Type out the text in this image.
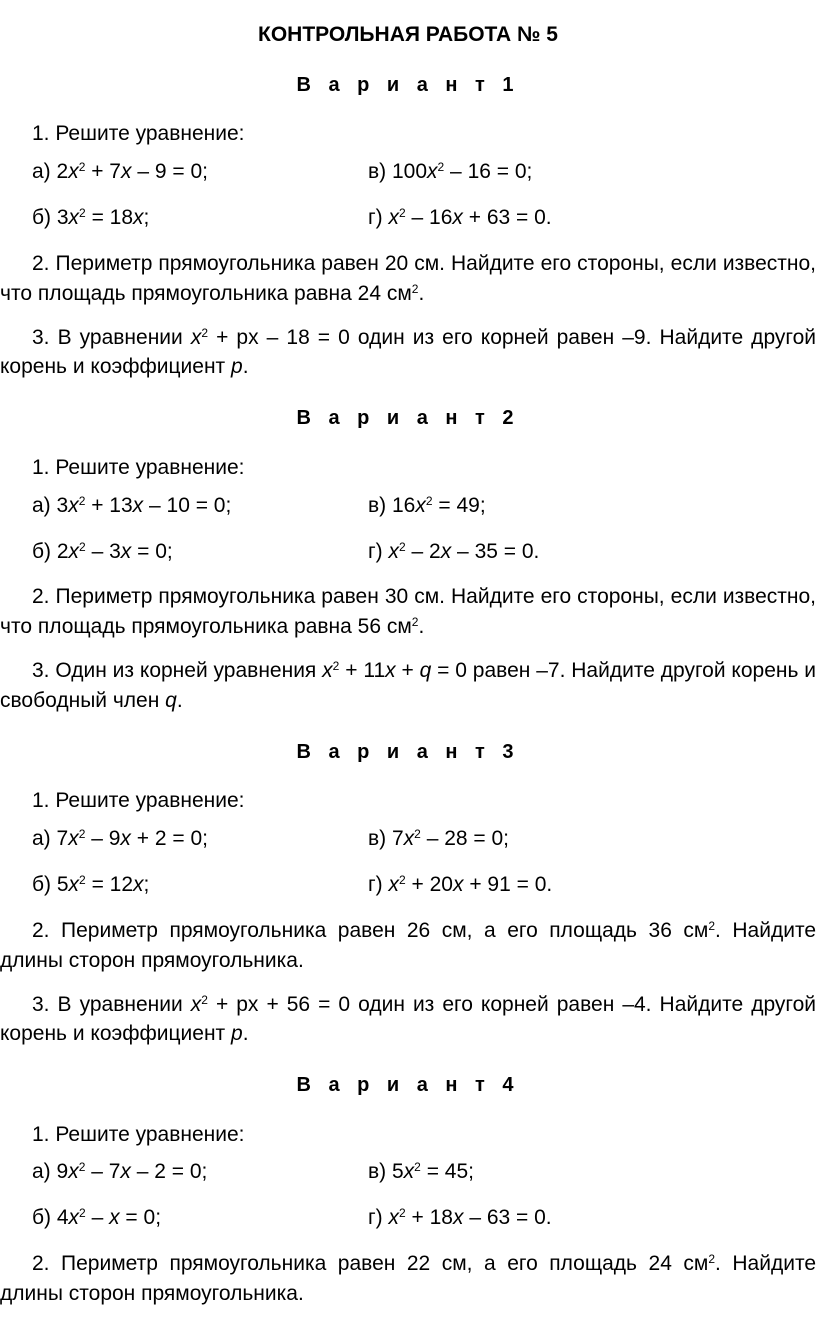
КОНТРОЛЬНАЯ РАБОТА № 5
В а р и а н т 1
1. Решите уравнение:
а) $2x^2 + 7x - 9 = 0$;	в) $100x^2 - 16 = 0$;
б) $3x^2 = 18x$;	г) $x^2 - 16x + 63 = 0$.
2. Периметр прямоугольника равен 20 см. Найдите его стороны, если известно, что площадь прямоугольника равна 24 $см^2$.
3. В уравнении $x^2$ + px – 18 = 0 один из его корней равен –9. Найдите другой корень и коэффициент p.
В а р и а н т 2
1. Решите уравнение:
а) $3x^2 + 13x - 10 = 0$;	в) $16x^2 = 49$;
б) $2x^2 - 3x = 0$;	г) $x^2 - 2x - 35 = 0$.
2. Периметр прямоугольника равен 30 см. Найдите его стороны, если известно, что площадь прямоугольника равна 56 $см^2$.
3. Один из корней уравнения $x^2 + 11x + q = 0$ равен –7. Найдите другой корень и свободный член q.
В а р и а н т 3
1. Решите уравнение:
а) $7x^2 - 9x + 2 = 0$;	в) $7x^2 - 28 = 0$;
б) $5x^2 = 12x$;	г) $x^2 + 20x + 91 = 0$.
2. Периметр прямоугольника равен 26 см, а его площадь 36 $см^2$. Найдите длины сторон прямоугольника.
3. В уравнении $x^2$ + px + 56 = 0 один из его корней равен –4. Найдите другой корень и коэффициент p.
В а р и а н т 4
1. Решите уравнение:
а) $9x^2 - 7x - 2 = 0$;	в) $5x^2 = 45$;
б) $4x^2 - x = 0$;	г) $x^2 + 18x - 63 = 0$.
2. Периметр прямоугольника равен 22 см, а его площадь 24 $см^2$. Найдите длины сторон прямоугольника.
